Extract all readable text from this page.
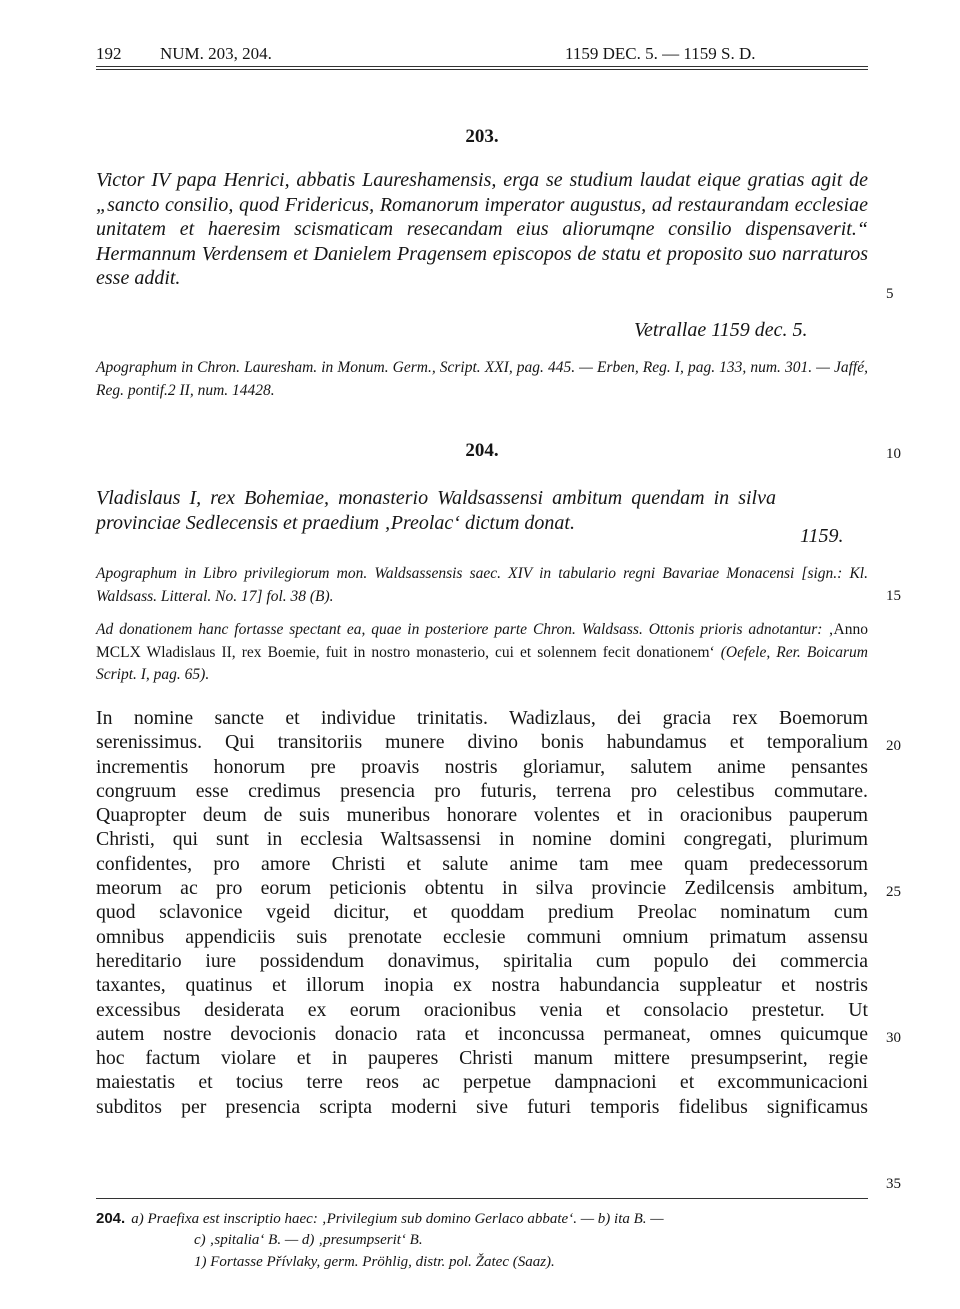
192 NUM. 203, 204.	1159 DEC. 5. — 1159 S. D.
203.
Victor IV papa Henrici, abbatis Laureshamensis, erga se studium laudat eique gratias agit de „sancto consilio, quod Fridericus, Romanorum imperator augustus, ad restaurandam ecclesiae unitatem et haeresim scismaticam resecandam eius aliorumqne consilio dispensaverit.“ Hermannum Verdensem et Danielem Pragensem episcopos de statu et proposito suo narraturos esse addit.
Vetrallae 1159 dec. 5.
Apographum in Chron. Lauresham. in Monum. Germ., Script. XXI, pag. 445. — Erben, Reg. I, pag. 133, num. 301. — Jaffé, Reg. pontif.2 II, num. 14428.
5
204.	10
Vladislaus I, rex Bohemiae, monasterio Waldsassensi ambitum quendam in silva provinciae Sedlecensis et praedium ‚Preolac‘ dictum donat.
1159.
Apographum in Libro privilegiorum mon. Waldsassensis saec. XIV in tabulario regni Bavariae Monacensi [sign.: Kl. Waldsass. Litteral. No. 17] fol. 38 (B).	15
Ad donationem hanc fortasse spectant ea, quae in posteriore parte Chron. Waldsass. Ottonis prioris adnotantur: ‚Anno MCLX Wladislaus II, rex Boemie, fuit in nostro monasterio, cui et solennem fecit donationem‘ (Oefele, Rer. Boicarum Script. I, pag. 65).
In nomine sancte et individue trinitatis. Wadizlaus, dei gracia rex Boemorum
serenissimus. Qui transitoriis munere divino bonis habundamus et temporalium
incrementis honorum pre proavis nostris gloriamur, salutem anime pensantes
congruum esse credimus presencia pro futuris, terrena pro celestibus commutare.
Quapropter deum de suis muneribus honorare volentes et in oracionibus pauperum
Christi, qui sunt in ecclesia Waltsassensi in nomine domini congregati, plurimum
confidentes, pro amore Christi et salute anime tam mee quam predecessorum
meorum ac pro eorum peticionis obtentu in silva provincie Zedilcensis ambitum,
quod sclavonice vgeid dicitur, et quoddam predium Preolac nominatum cum
omnibus appendiciis suis prenotate ecclesie communi omnium primatum assensu
hereditario iure possidendum donavimus, spiritalia cum populo dei commercia
taxantes, quatinus et illorum inopia ex nostra habundancia suppleatur et nostris
excessibus desiderata ex eorum oracionibus venia et consolacio prestetur. Ut
autem nostre devocionis donacio rata et inconcussa permaneat, omnes quicumque
hoc factum violare et in pauperes Christi manum mittere presumpserint, regie
maiestatis et tocius terre reos ac perpetue dampnacioni et excommunicacioni
subditos per presencia scripta moderni sive futuri temporis fidelibus significamus
20
25
30
35
204. a) Praefixa est inscriptio haec: ‚Privilegium sub domino Gerlaco abbate‘. — b) ita B. —
c) ‚spitalia‘ B. — d) ‚presumpserit‘ B.
1) Fortasse Přívlaky, germ. Pröhlig, distr. pol. Žatec (Saaz).
